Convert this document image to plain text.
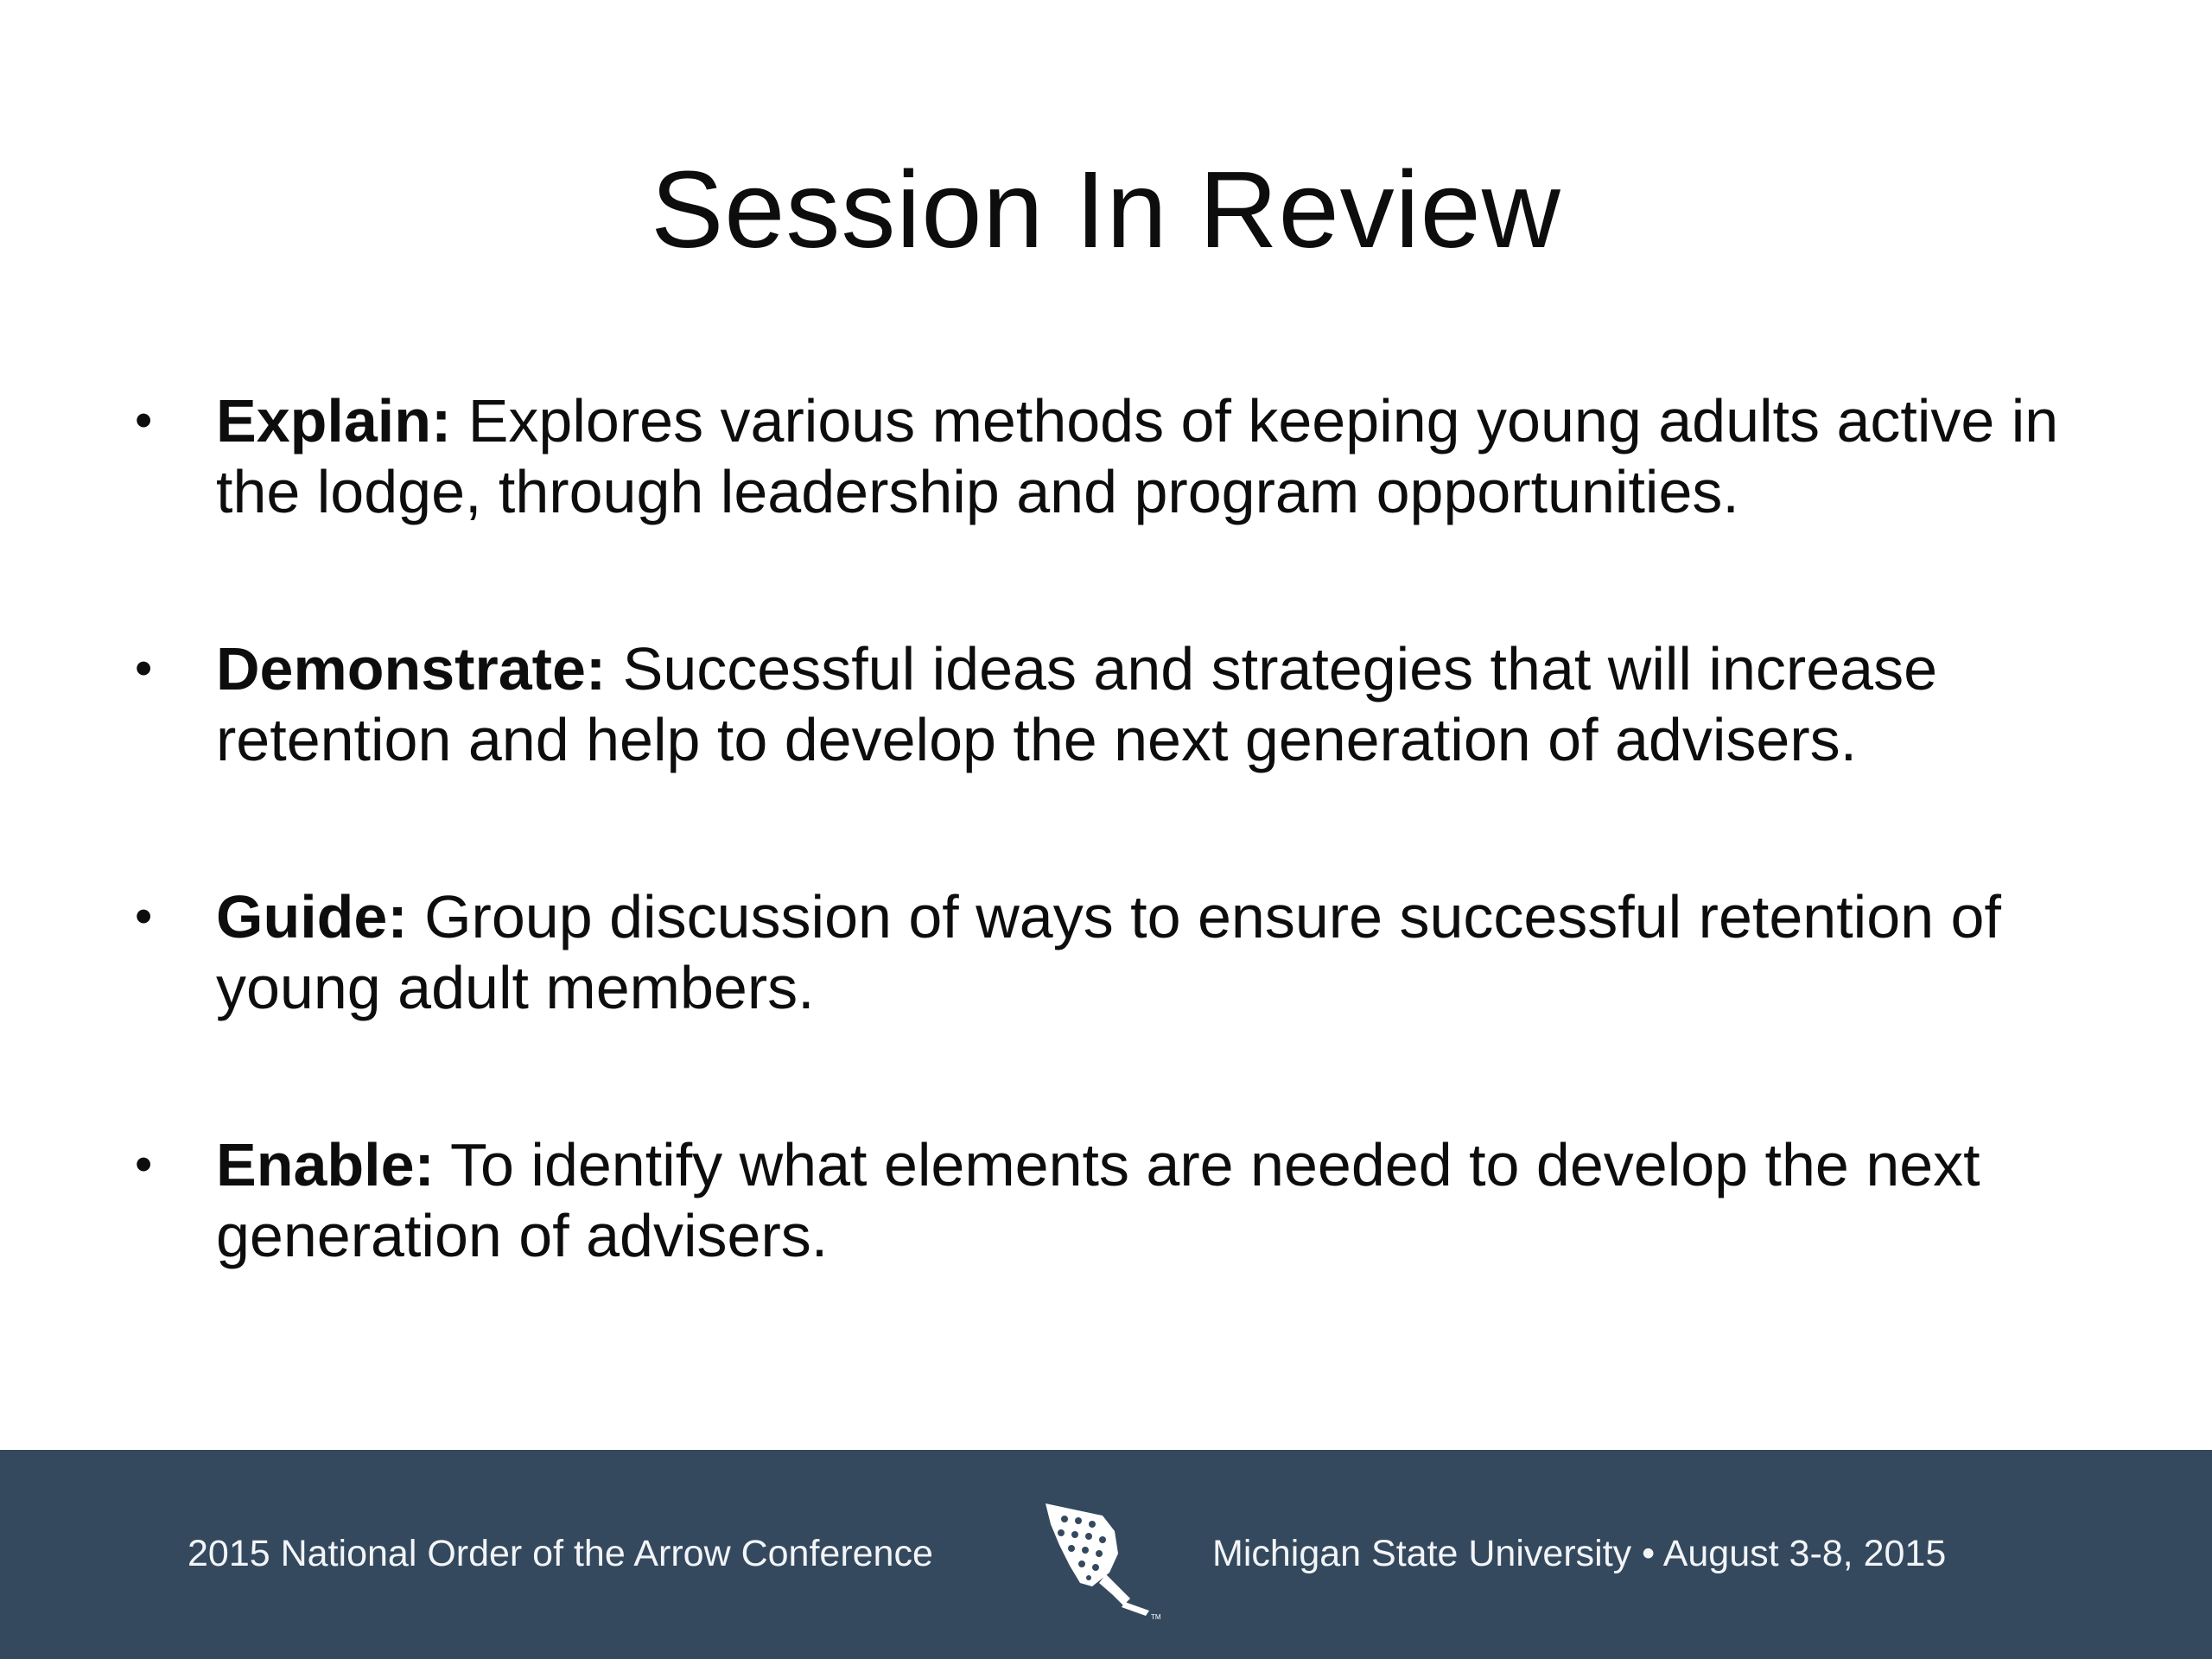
Session In Review
• Explain: Explores various methods of keeping young adults active in the lodge, through leadership and program opportunities.
• Demonstrate: Successful ideas and strategies that will increase retention and help to develop the next generation of advisers.
• Guide: Group discussion of ways to ensure successful retention of young adult members.
• Enable: To identify what elements are needed to develop the next generation of advisers.
2015 National Order of the Arrow Conference
TM
Michigan State University • August 3-8, 2015
